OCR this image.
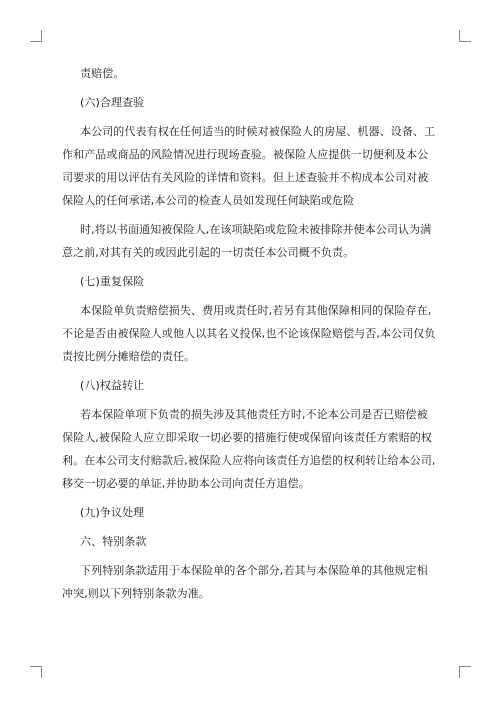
责赔偿。

(六)合理查验

本公司的代表有权在任何适当的时候对被保险人的房屋、机器、设备、工作和产品或商品的风险情况进行现场查验。被保险人应提供一切便利及本公司要求的用以评估有关风险的详情和资料。但上述查验并不构成本公司对被保险人的任何承诺,本公司的检查人员如发现任何缺陷或危险

时,将以书面通知被保险人,在该项缺陷或危险未被排除并使本公司认为满意之前,对其有关的或因此引起的一切责任本公司概不负责。

(七)重复保险

本保险单负责赔偿损失、费用或责任时,若另有其他保障相同的保险存在,不论是否由被保险人或他人以其名义投保,也不论该保险赔偿与否,本公司仅负责按比例分摊赔偿的责任。

(八)权益转让

若本保险单项下负责的损失涉及其他责任方时,不论本公司是否已赔偿被保险人,被保险人应立即采取一切必要的措施行使或保留向该责任方索赔的权利。在本公司支付赔款后,被保险人应将向该责任方追偿的权利转让给本公司,移交一切必要的单证,并协助本公司向责任方追偿。

(九)争议处理

六、特别条款

下列特别条款适用于本保险单的各个部分,若其与本保险单的其他规定相冲突,则以下列特别条款为准。
